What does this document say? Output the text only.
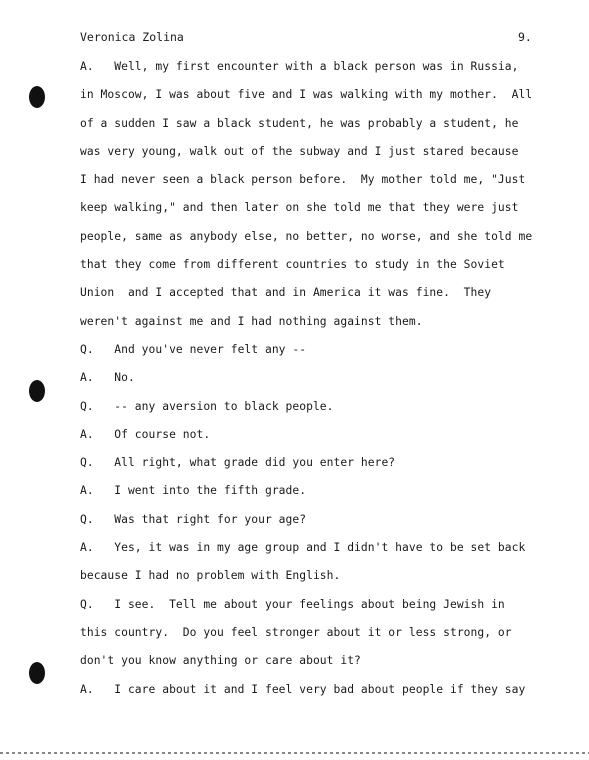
Veronica Zolina	9.
A.   Well, my first encounter with a black person was in Russia,
in Moscow, I was about five and I was walking with my mother.  All
of a sudden I saw a black student, he was probably a student, he
was very young, walk out of the subway and I just stared because
I had never seen a black person before.  My mother told me, "Just
keep walking," and then later on she told me that they were just
people, same as anybody else, no better, no worse, and she told me
that they come from different countries to study in the Soviet
Union  and I accepted that and in America it was fine.  They
weren't against me and I had nothing against them.
Q.   And you've never felt any --
A.   No.
Q.   -- any aversion to black people.
A.   Of course not.
Q.   All right, what grade did you enter here?
A.   I went into the fifth grade.
Q.   Was that right for your age?
A.   Yes, it was in my age group and I didn't have to be set back
because I had no problem with English.
Q.   I see.  Tell me about your feelings about being Jewish in
this country.  Do you feel stronger about it or less strong, or
don't you know anything or care about it?
A.   I care about it and I feel very bad about people if they say
